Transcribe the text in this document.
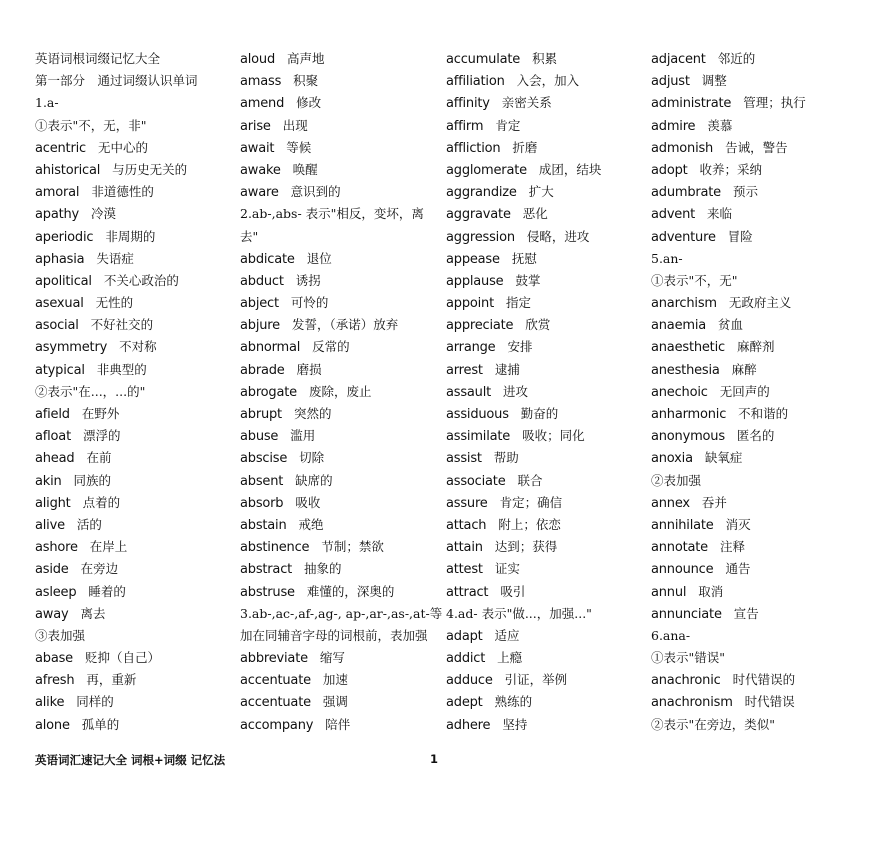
英语词根词缀记忆大全
第一部分　通过词缀认识单词
1.a-
①表示"不，无，非"
acentric 无中心的
ahistorical 与历史无关的
amoral 非道德性的
apathy 冷漠
aperiodic 非周期的
aphasia 失语症
apolitical 不关心政治的
asexual 无性的
asocial 不好社交的
asymmetry 不对称
atypical 非典型的
②表示"在...，...的"
afield 在野外
afloat 漂浮的
ahead 在前
akin 同族的
alight 点着的
alive 活的
ashore 在岸上
aside 在旁边
asleep 睡着的
away 离去
③表加强
abase 贬抑（自己）
afresh 再，重新
alike 同样的
alone 孤单的
aloud 高声地
amass 积聚
amend 修改
arise 出现
await 等候
awake 唤醒
aware 意识到的
2.ab-,abs- 表示"相反，变坏，离
去"
abdicate 退位
abduct 诱拐
abject 可怜的
abjure 发誓，（承诺）放弃
abnormal 反常的
abrade 磨损
abrogate 废除，废止
abrupt 突然的
abuse 滥用
abscise 切除
absent 缺席的
absorb 吸收
abstain 戒绝
abstinence 节制；禁欲
abstract 抽象的
abstruse 难懂的，深奥的
3.ab-,ac-,af-,ag-, ap-,ar-,as-,at-等
加在同辅音字母的词根前，表加强
abbreviate 缩写
accentuate 加速
accentuate 强调
accompany 陪伴
accumulate 积累
affiliation 入会，加入
affinity 亲密关系
affirm 肯定
affliction 折磨
agglomerate 成团，结块
aggrandize 扩大
aggravate 恶化
aggression 侵略，进攻
appease 抚慰
applause 鼓掌
appoint 指定
appreciate 欣赏
arrange 安排
arrest 逮捕
assault 进攻
assiduous 勤奋的
assimilate 吸收；同化
assist 帮助
associate 联合
assure 肯定；确信
attach 附上；依恋
attain 达到；获得
attest 证实
attract 吸引
4.ad- 表示"做...，加强..."
adapt 适应
addict 上瘾
adduce 引证，举例
adept 熟练的
adhere 坚持
adjacent 邻近的
adjust 调整
administrate 管理；执行
admire 羡慕
admonish 告诫，警告
adopt 收养；采纳
adumbrate 预示
advent 来临
adventure 冒险
5.an-
①表示"不，无"
anarchism 无政府主义
anaemia 贫血
anaesthetic 麻醉剂
anesthesia 麻醉
anechoic 无回声的
anharmonic 不和谐的
anonymous 匿名的
anoxia 缺氧症
②表加强
annex 吞并
annihilate 消灭
annotate 注释
announce 通告
annul 取消
annunciate 宣告
6.ana-
①表示"错误"
anachronic 时代错误的
anachronism 时代错误
②表示"在旁边，类似"
英语词汇速记大全 词根+词缀 记忆法	1
